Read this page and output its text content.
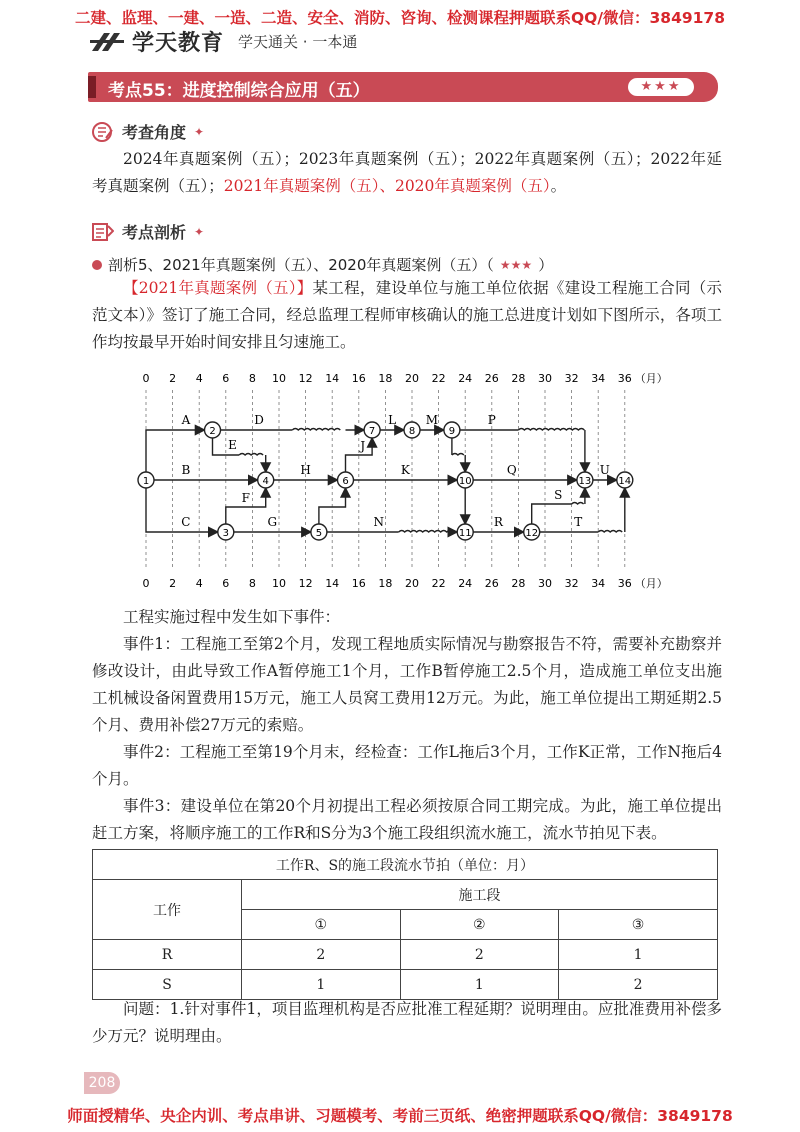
二建、监理、一建、一造、二造、安全、消防、咨询、检测课程押题联系QQ/微信：3849178
学天教育 学天通关 · 一本通
考点55：进度控制综合应用（五）	★★★
考查角度 ✦
2024年真题案例（五）；2023年真题案例（五）；2022年真题案例（五）；2022年延考真题案例（五）；2021年真题案例（五）、2020年真题案例（五）。
考点剖析 ✦
剖析5、2021年真题案例（五）、2020年真题案例（五）（ ★★★ ）
【2021年真题案例（五）】某工程，建设单位与施工单位依据《建设工程施工合同（示范文本）》签订了施工合同，经总监理工程师审核确认的施工总进度计划如下图所示，各项工作均按最早开始时间安排且匀速施工。
A
B
C
D
E
F
G
H
J
L M
K
N
P
Q
R
S
T
U
1
2
3
4
5
6
7	8	9
10
11	12
13	14
0
0
2
2
4
4
6
6
8
8
10
10
12
12
14
14
16
16
18
18
20
20
22
22
24
24
26
26
28
28
30
30
32
32
34
34
36
36
（月）
（月）
工程实施过程中发生如下事件：
事件1：工程施工至第2个月，发现工程地质实际情况与勘察报告不符，需要补充勘察并修改设计，由此导致工作A暂停施工1个月，工作B暂停施工2.5个月，造成施工单位支出施工机械设备闲置费用15万元，施工人员窝工费用12万元。为此，施工单位提出工期延期2.5个月、费用补偿27万元的索赔。
事件2：工程施工至第19个月末，经检查：工作L拖后3个月，工作K正常，工作N拖后4个月。
事件3：建设单位在第20个月初提出工程必须按原合同工期完成。为此，施工单位提出赶工方案，将顺序施工的工作R和S分为3个施工段组织流水施工，流水节拍见下表。
工作R、S的施工段流水节拍（单位：月）			
工作	施工段		
	①	②	③
R	2	2	1
S	1	1	2
问题：1.针对事件1，项目监理机构是否应批准工程延期？说明理由。应批准费用补偿多少万元？说明理由。
208
师面授精华、央企内训、考点串讲、习题模考、考前三页纸、绝密押题联系QQ/微信：3849178
